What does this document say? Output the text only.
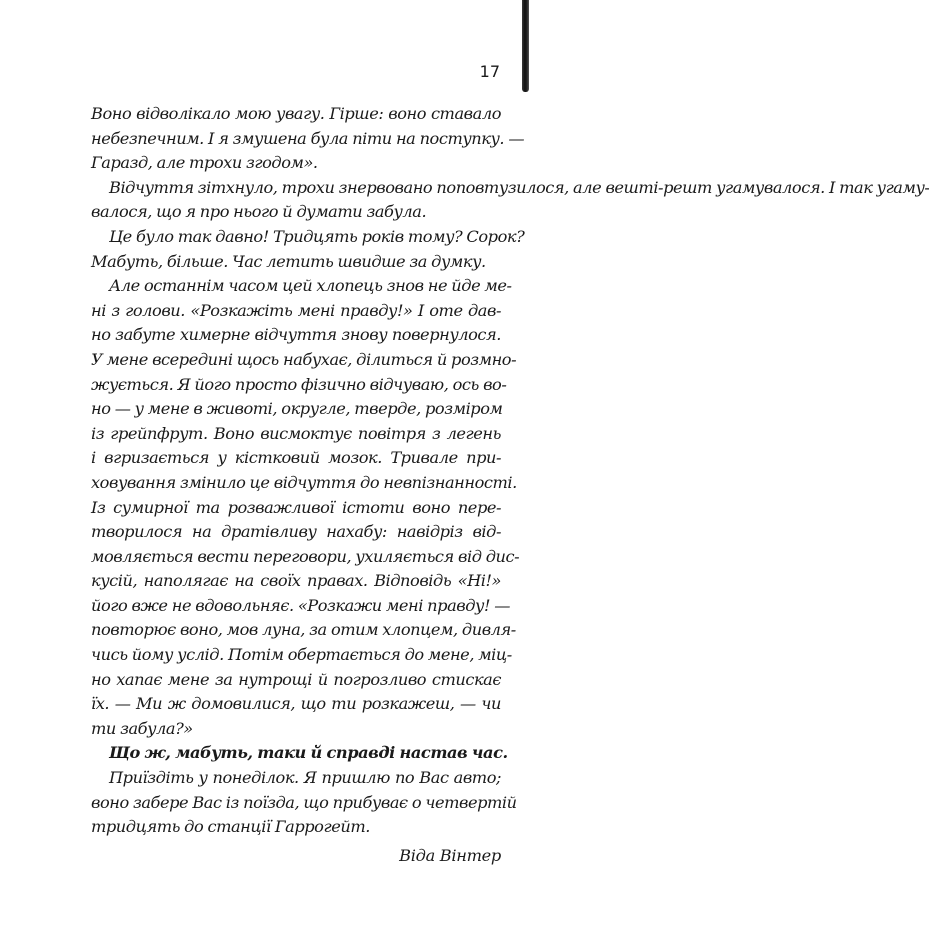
17
Воно відволікало мою увагу. Гірше: воно ставало
небезпечним. І я змушена була піти на поступку. —
Гаразд, але трохи згодом».
Відчуття зітхнуло, трохи знервовано поповтузилося, але вешті-решт угамувалося. І так угаму-
валося, що я про нього й думати забула.
Це було так давно! Тридцять років тому? Сорок?
Мабуть, більше. Час летить швидше за думку.
Але останнім часом цей хлопець знов не йде ме-
ні з голови. «Розкажіть мені правду!» І оте дав-
но забуте химерне відчуття знову повернулося.
У мене всередині щось набухає, ділиться й розмно-
жується. Я його просто фізично відчуваю, ось во-
но — у мене в животі, округле, тверде, розміром
із грейпфрут. Воно висмоктує повітря з легень
і вгризається у кістковий мозок. Тривале при-
ховування змінило це відчуття до невпізнанності.
Із сумирної та розважливої істоти воно пере-
творилося на дратівливу нахабу: навідріз від-
мовляється вести переговори, ухиляється від дис-
кусій, наполягає на своїх правах. Відповідь «Ні!»
його вже не вдовольняє. «Розкажи мені правду! —
повторює воно, мов луна, за отим хлопцем, дивля-
чись йому услід. Потім обертається до мене, міц-
но хапає мене за нутрощі й погрозливо стискає
їх. — Ми ж домовилися, що ти розкажеш, — чи
ти забула?»
Що ж, мабуть, таки й справді настав час.
Приїздіть у понеділок. Я пришлю по Вас авто;
воно забере Вас із поїзда, що прибуває о четвертій
тридцять до станції Гаррогейт.
Віда Вінтер
